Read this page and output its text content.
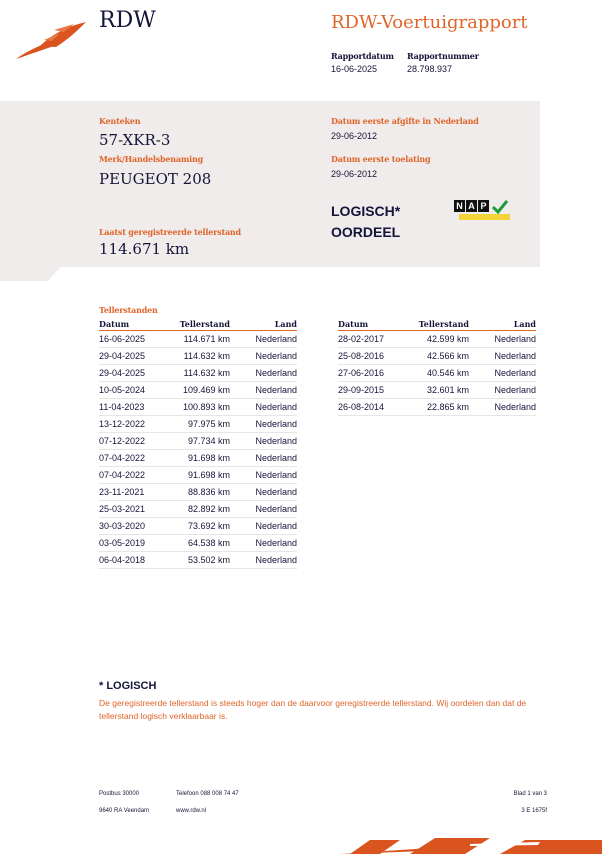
RDW	RDW-Voertuigrapport
Rapportdatum
16-06-2025
Rapportnummer
28.798.937
Kenteken
57-XKR-3
Merk/Handelsbenaming
PEUGEOT 208
Datum eerste afgifte in Nederland
29-06-2012
Datum eerste toelating
29-06-2012
LOGISCH*
OORDEEL
N A P
Laatst geregistreerde tellerstand
114.671 km
Tellerstanden
Datum	Tellerstand	Land
16-06-2025	114.671 km	Nederland
29-04-2025	114.632 km	Nederland
29-04-2025	114.632 km	Nederland
10-05-2024	109.469 km	Nederland
11-04-2023	100.893 km	Nederland
13-12-2022	97.975 km	Nederland
07-12-2022	97.734 km	Nederland
07-04-2022	91.698 km	Nederland
07-04-2022	91.698 km	Nederland
23-11-2021	88.836 km	Nederland
25-03-2021	82.892 km	Nederland
30-03-2020	73.692 km	Nederland
03-05-2019	64.538 km	Nederland
06-04-2018	53.502 km	Nederland
Datum	Tellerstand	Land
28-02-2017	42.599 km	Nederland
25-08-2016	42.566 km	Nederland
27-06-2016	40.546 km	Nederland
29-09-2015	32.601 km	Nederland
26-08-2014	22.865 km	Nederland
* LOGISCH
De geregistreerde tellerstand is steeds hoger dan de daarvoor geregistreerde tellerstand. Wij oordelen dan dat de tellerstand logisch verklaarbaar is.
Postbus 30000
9640 RA Veendam
Telefoon 088 008 74 47
www.rdw.nl
Blad 1 van 3
3 E 1675f
